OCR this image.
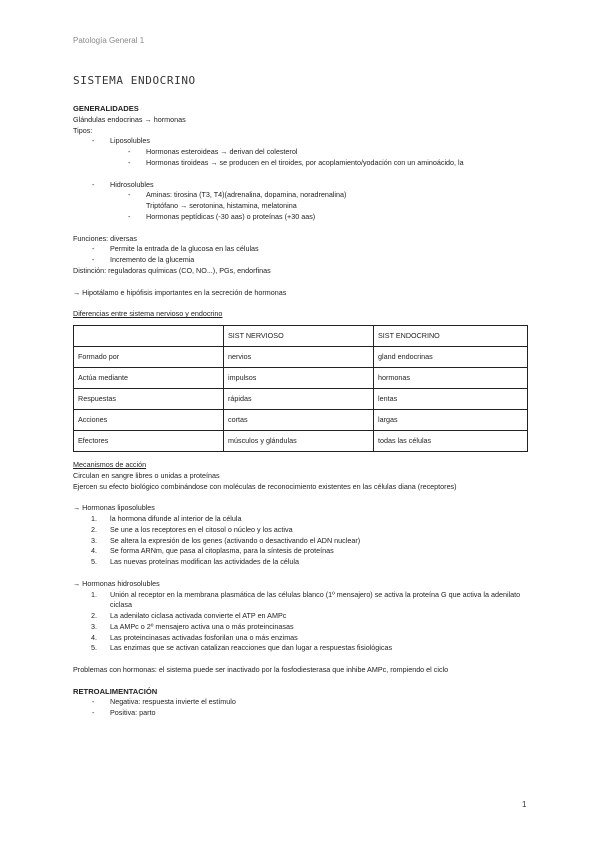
Patología General 1
SISTEMA ENDOCRINO
GENERALIDADES
Glándulas endocrinas → hormonas
Tipos:
- Liposolubles
- Hormonas esteroideas → derivan del colesterol
- Hormonas tiroideas → se producen en el tiroides, por acoplamiento/yodación con un aminoácido, la
- Hidrosolubles
- Aminas: tirosina (T3, T4)(adrenalina, dopamina, noradrenalina)
Triptófano → serotonina, histamina, melatonina
- Hormonas peptídicas (-30 aas) o proteínas (+30 aas)
Funciones: diversas
- Permite la entrada de la glucosa en las células
- Incremento de la glucemia
Distinción: reguladoras químicas (CO, NO...), PGs, endorfinas
→ Hipotálamo e hipófisis importantes en la secreción de hormonas
Diferencias entre sistema nervioso y endocrino
	SIST NERVIOSO	SIST ENDOCRINO
Formado por	nervios	gland endocrinas
Actúa mediante	impulsos	hormonas
Respuestas	rápidas	lentas
Acciones	cortas	largas
Efectores	músculos y glándulas	todas las células
Mecanismos de acción
Circulan en sangre libres o unidas a proteínas
Ejercen su efecto biológico combinándose con moléculas de reconocimiento existentes en las células diana (receptores)
→ Hormonas liposolubles
1. la hormona difunde al interior de la célula
2. Se une a los receptores en el citosol o núcleo y los activa
3. Se altera la expresión de los genes (activando o desactivando el ADN nuclear)
4. Se forma ARNm, que pasa al citoplasma, para la síntesis de proteínas
5. Las nuevas proteínas modifican las actividades de la célula
→ Hormonas hidrosolubles
1. Unión al receptor en la membrana plasmática de las células blanco (1º mensajero) se activa la proteína G que activa la adenilato ciclasa
2. La adenilato ciclasa activada convierte el ATP en AMPc
3. La AMPc o 2º mensajero activa una o más proteincinasas
4. Las proteincinasas activadas fosforilan una o más enzimas
5. Las enzimas que se activan catalizan reacciones que dan lugar a respuestas fisiológicas
Problemas con hormonas: el sistema puede ser inactivado por la fosfodiesterasa que inhibe AMPc, rompiendo el ciclo
RETROALIMENTACIÓN
- Negativa: respuesta invierte el estímulo
- Positiva: parto
1
